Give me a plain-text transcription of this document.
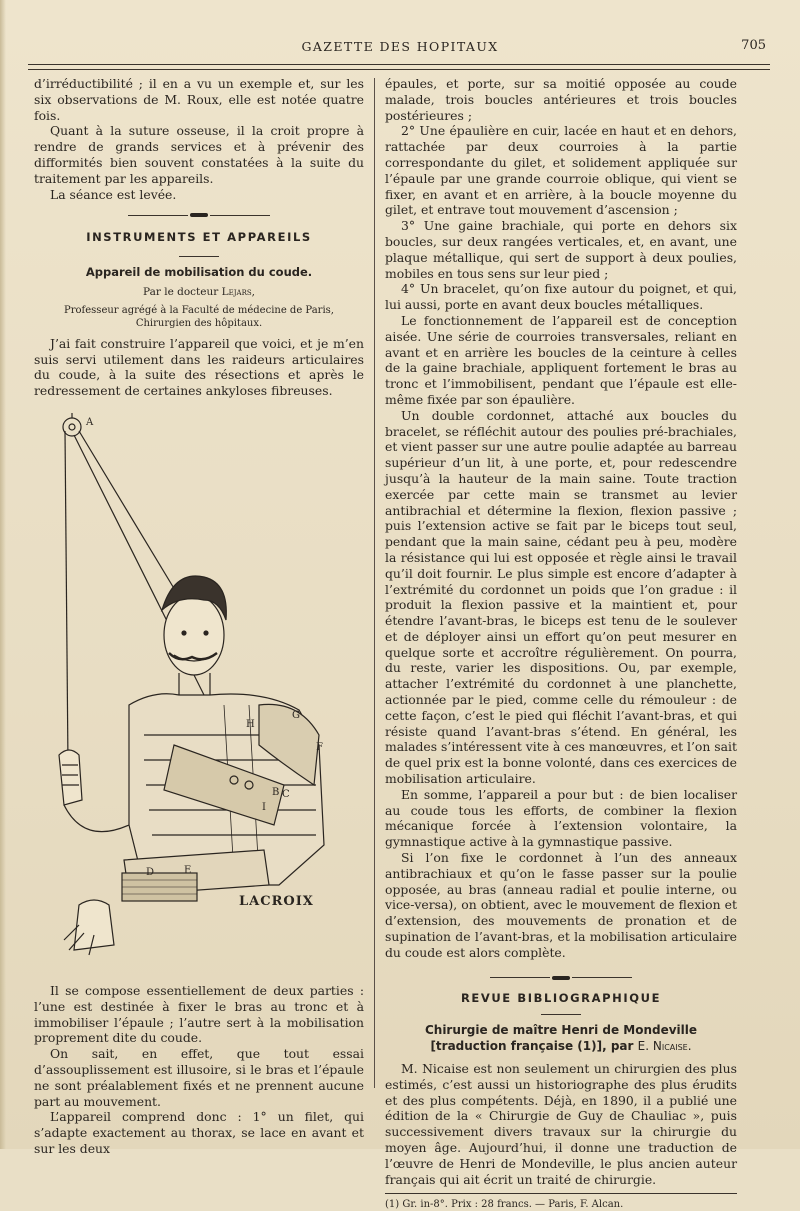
GAZETTE DES HOPITAUX	705

d’irréductibilité ; il en a vu un exemple et, sur les six observations de M. Roux, elle est notée quatre fois.

Quant à la suture osseuse, il la croit propre à rendre de grands services et à prévenir des difformités bien souvent constatées à la suite du traitement par les appareils.

La séance est levée.

INSTRUMENTS ET APPAREILS
Appareil de mobilisation du coude.
Par le docteur Lejars,
Professeur agrégé à la Faculté de médecine de Paris,
Chirurgien des hôpitaux.

J’ai fait construire l’appareil que voici, et je m’en suis servi utilement dans les raideurs articulaires du coude, à la suite des résections et après le redressement de certaines ankyloses fibreuses.

A
H
G
F
E
D
I
B C
LACROIX

Il se compose essentiellement de deux parties : l’une est destinée à fixer le bras au tronc et à immobiliser l’épaule ; l’autre sert à la mobilisation proprement dite du coude.

On sait, en effet, que tout essai d’assouplissement est illusoire, si le bras et l’épaule ne sont préalablement fixés et ne prennent aucune part au mouvement.

L’appareil comprend donc : 1° un filet, qui s’adapte exactement au thorax, se lace en avant et sur les deux

épaules, et porte, sur sa moitié opposée au coude malade, trois boucles antérieures et trois boucles postérieures ;

2° Une épaulière en cuir, lacée en haut et en dehors, rattachée par deux courroies à la partie correspondante du gilet, et solidement appliquée sur l’épaule par une grande courroie oblique, qui vient se fixer, en avant et en arrière, à la boucle moyenne du gilet, et entrave tout mouvement d’ascension ;

3° Une gaine brachiale, qui porte en dehors six boucles, sur deux rangées verticales, et, en avant, une plaque métallique, qui sert de support à deux poulies, mobiles en tous sens sur leur pied ;

4° Un bracelet, qu’on fixe autour du poignet, et qui, lui aussi, porte en avant deux boucles métalliques.

Le fonctionnement de l’appareil est de conception aisée. Une série de courroies transversales, reliant en avant et en arrière les boucles de la ceinture à celles de la gaine brachiale, appliquent fortement le bras au tronc et l’immobilisent, pendant que l’épaule est elle-même fixée par son épaulière.

Un double cordonnet, attaché aux boucles du bracelet, se réfléchit autour des poulies pré-brachiales, et vient passer sur une autre poulie adaptée au barreau supérieur d’un lit, à une porte, et, pour redescendre jusqu’à la hauteur de la main saine. Toute traction exercée par cette main se transmet au levier antibrachial et détermine la flexion, flexion passive ; puis l’extension active se fait par le biceps tout seul, pendant que la main saine, cédant peu à peu, modère la résistance qui lui est opposée et règle ainsi le travail qu’il doit fournir. Le plus simple est encore d’adapter à l’extrémité du cordonnet un poids que l’on gradue : il produit la flexion passive et la maintient et, pour étendre l’avant-bras, le biceps est tenu de le soulever et de déployer ainsi un effort qu’on peut mesurer en quelque sorte et accroître régulièrement. On pourra, du reste, varier les dispositions. Ou, par exemple, attacher l’extrémité du cordonnet à une planchette, actionnée par le pied, comme celle du rémouleur : de cette façon, c’est le pied qui fléchit l’avant-bras, et qui résiste quand l’avant-bras s’étend. En général, les malades s’intéressent vite à ces manœuvres, et l’on sait de quel prix est la bonne volonté, dans ces exercices de mobilisation articulaire.

En somme, l’appareil a pour but : de bien localiser au coude tous les efforts, de combiner la flexion mécanique forcée à l’extension volontaire, la gymnastique active à la gymnastique passive.

Si l’on fixe le cordonnet à l’un des anneaux antibrachiaux et qu’on le fasse passer sur la poulie opposée, au bras (anneau radial et poulie interne, ou vice-versa), on obtient, avec le mouvement de flexion et d’extension, des mouvements de pronation et de supination de l’avant-bras, et la mobilisation articulaire du coude est alors complète.

REVUE BIBLIOGRAPHIQUE
Chirurgie de maître Henri de Mondeville [traduction française (1)], par E. Nicaise.

M. Nicaise est non seulement un chirurgien des plus estimés, c’est aussi un historiographe des plus érudits et des plus compétents. Déjà, en 1890, il a publié une édition de la « Chirurgie de Guy de Chauliac », puis successivement divers travaux sur la chirurgie du moyen âge. Aujourd’hui, il donne une traduction de l’œuvre de Henri de Mondeville, le plus ancien auteur français qui ait écrit un traité de chirurgie.

(1) Gr. in-8°. Prix : 28 francs. — Paris, F. Alcan.
